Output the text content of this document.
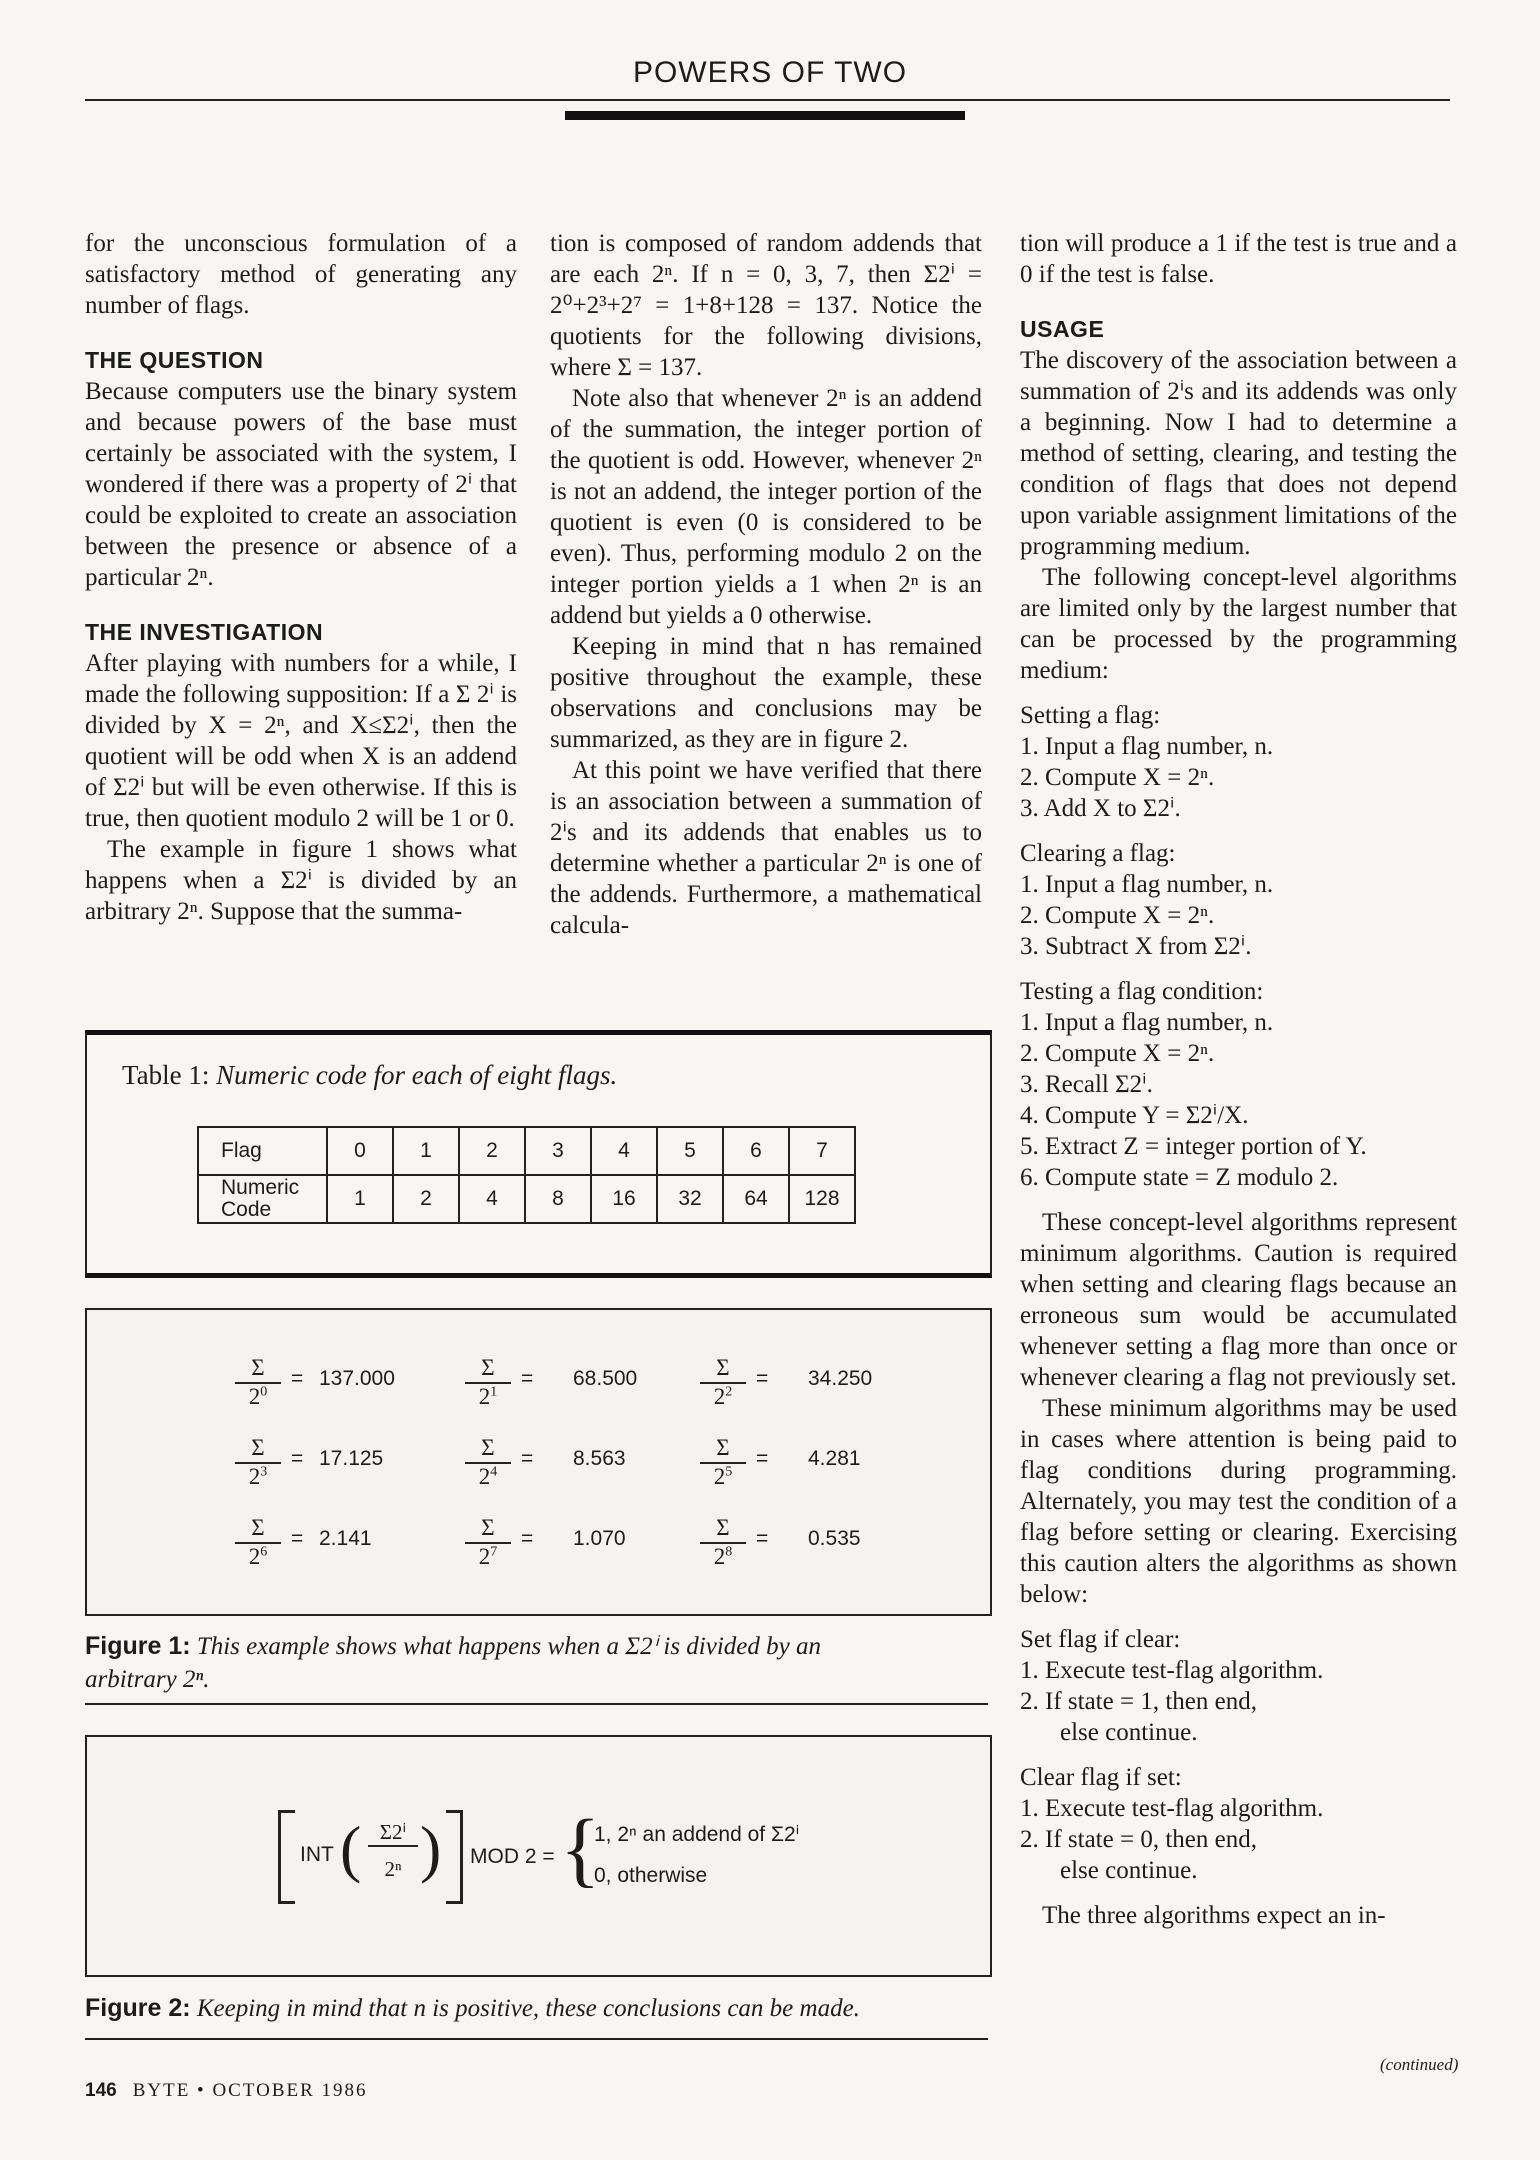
POWERS OF TWO

for the unconscious formulation of a satisfactory method of generating any number of flags.

THE QUESTION

Because computers use the binary system and because powers of the base must certainly be associated with the system, I wondered if there was a property of 2ⁱ that could be exploited to create an association between the presence or absence of a particular 2ⁿ.

THE INVESTIGATION

After playing with numbers for a while, I made the following supposition: If a Σ 2ⁱ is divided by X = 2ⁿ, and X≤Σ2ⁱ, then the quotient will be odd when X is an addend of Σ2ⁱ but will be even otherwise. If this is true, then quotient modulo 2 will be 1 or 0.

The example in figure 1 shows what happens when a Σ2ⁱ is divided by an arbitrary 2ⁿ. Suppose that the summa-

tion is composed of random addends that are each 2ⁿ. If n = 0, 3, 7, then Σ2ⁱ = 2⁰+2³+2⁷ = 1+8+128 = 137. Notice the quotients for the following divisions, where Σ = 137.

Note also that whenever 2ⁿ is an addend of the summation, the integer portion of the quotient is odd. However, whenever 2ⁿ is not an addend, the integer portion of the quotient is even (0 is considered to be even). Thus, performing modulo 2 on the integer portion yields a 1 when 2ⁿ is an addend but yields a 0 otherwise.

Keeping in mind that n has remained positive throughout the example, these observations and conclusions may be summarized, as they are in figure 2.

At this point we have verified that there is an association between a summation of 2ⁱs and its addends that enables us to determine whether a particular 2ⁿ is one of the addends. Furthermore, a mathematical calcula-

tion will produce a 1 if the test is true and a 0 if the test is false.

USAGE

The discovery of the association between a summation of 2ⁱs and its addends was only a beginning. Now I had to determine a method of setting, clearing, and testing the condition of flags that does not depend upon variable assignment limitations of the programming medium.

The following concept-level algorithms are limited only by the largest number that can be processed by the programming medium:

Setting a flag:
1. Input a flag number, n.
2. Compute X = 2ⁿ.
3. Add X to Σ2ⁱ.
Clearing a flag:
1. Input a flag number, n.
2. Compute X = 2ⁿ.
3. Subtract X from Σ2ⁱ.
Testing a flag condition:
1. Input a flag number, n.
2. Compute X = 2ⁿ.
3. Recall Σ2ⁱ.
4. Compute Y = Σ2ⁱ/X.
5. Extract Z = integer portion of Y.
6. Compute state = Z modulo 2.

These concept-level algorithms represent minimum algorithms. Caution is required when setting and clearing flags because an erroneous sum would be accumulated whenever setting a flag more than once or whenever clearing a flag not previously set.

These minimum algorithms may be used in cases where attention is being paid to flag conditions during programming. Alternately, you may test the condition of a flag before setting or clearing. Exercising this caution alters the algorithms as shown below:

Set flag if clear:
1. Execute test-flag algorithm.
2. If state = 1, then end,
else continue.
Clear flag if set:
1. Execute test-flag algorithm.
2. If state = 0, then end,
else continue.

The three algorithms expect an in-

(continued)
Table 1: Numeric code for each of eight flags.
Flag	0	1	2	3	4	5	6	7
Numeric Code	1	2	4	8	16	32	64	128
$\frac{\Sigma}{2^0} = 137.000$	$\frac{\Sigma}{2^1} = 68.500$	$\frac{\Sigma}{2^2} = 34.250$
$\frac{\Sigma}{2^3} = 17.125$	$\frac{\Sigma}{2^4} = 8.563$	$\frac{\Sigma}{2^5} = 4.281$
$\frac{\Sigma}{2^6} = 2.141$	$\frac{\Sigma}{2^7} = 1.070$	$\frac{\Sigma}{2^8} = 0.535$
Figure 1: This example shows what happens when a Σ2ⁱ is divided by an arbitrary 2ⁿ.
INT ( Σ2ⁱ
2ⁿ ) MOD 2 = {
1, 2ⁿ an addend of Σ2ⁱ
0, otherwise
Figure 2: Keeping in mind that n is positive, these conclusions can be made.
146 BYTE • OCTOBER 1986
